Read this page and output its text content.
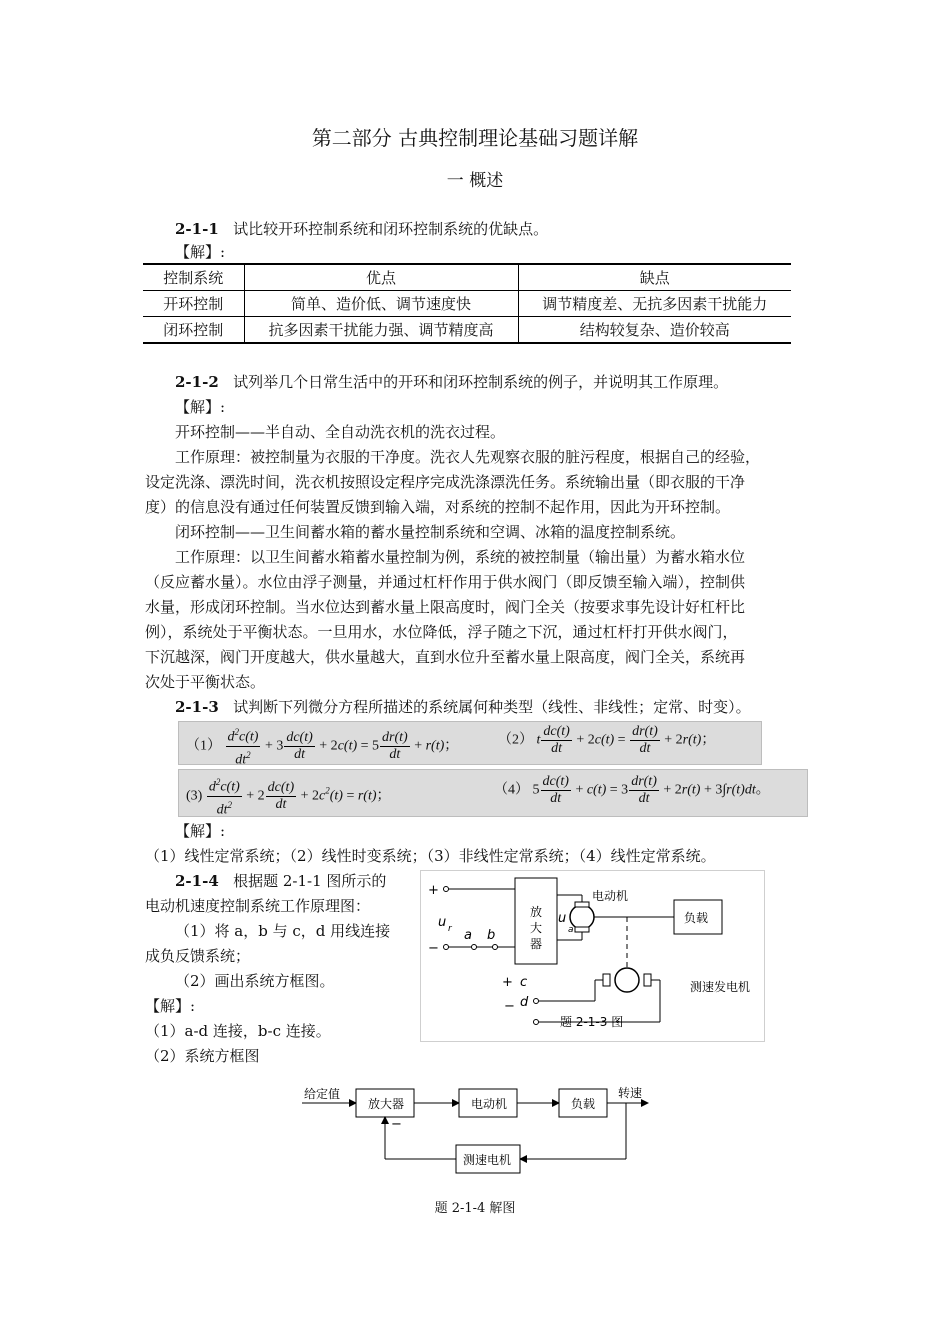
第二部分 古典控制理论基础习题详解
一 概述
2-1-1 试比较开环控制系统和闭环控制系统的优缺点。
【解】:
控制系统	优点	缺点
开环控制	简单、造价低、调节速度快	调节精度差、无抗多因素干扰能力
闭环控制	抗多因素干扰能力强、调节精度高	结构较复杂、造价较高
2-1-2 试列举几个日常生活中的开环和闭环控制系统的例子，并说明其工作原理。
【解】:
开环控制——半自动、全自动洗衣机的洗衣过程。
工作原理：被控制量为衣服的干净度。洗衣人先观察衣服的脏污程度，根据自己的经验，
设定洗涤、漂洗时间，洗衣机按照设定程序完成洗涤漂洗任务。系统输出量（即衣服的干净
度）的信息没有通过任何装置反馈到输入端，对系统的控制不起作用，因此为开环控制。
闭环控制——卫生间蓄水箱的蓄水量控制系统和空调、冰箱的温度控制系统。
工作原理：以卫生间蓄水箱蓄水量控制为例，系统的被控制量（输出量）为蓄水箱水位
（反应蓄水量）。水位由浮子测量，并通过杠杆作用于供水阀门（即反馈至输入端），控制供
水量，形成闭环控制。当水位达到蓄水量上限高度时，阀门全关（按要求事先设计好杠杆比
例），系统处于平衡状态。一旦用水，水位降低，浮子随之下沉，通过杠杆打开供水阀门，
下沉越深，阀门开度越大，供水量越大，直到水位升至蓄水量上限高度，阀门全关，系统再
次处于平衡状态。
2-1-3 试判断下列微分方程所描述的系统属何种类型（线性、非线性；定常、时变）。
$(1) \frac{d^2c(t)}{dt^2} + 3 \frac{dc(t)}{dt} + 2c(t) = 5 \frac{dr(t)}{dt} + r(t)$；	（2） t $\frac{dc(t)}{dt} + 2c(t) = \frac{dr(t)}{dt} + 2r(t)$；
$(3) \frac{d^2c(t)}{dt^2} + 2 \frac{dc(t)}{dt} + 2c^2(t) = r(t)$；	（4） $5 \frac{dc(t)}{dt} + c(t) = 3 \frac{dr(t)}{dt} + 2r(t) + 3\int r(t)dt$。
【解】:
（1）线性定常系统；（2）线性时变系统；（3）非线性定常系统；（4）线性定常系统。
2-1-4 根据题 2-1-1 图所示的
电动机速度控制系统工作原理图：
（1）将 a，b 与 c，d 用线连接
成负反馈系统；
（2）画出系统方框图。
【解】:
（1）a-d 连接，b-c 连接。
（2）系统方框图
+
−
u r a b
放
大
器
u
a
电动机
负载
+ c
− d
测速发电机
题 2-1-3 图
给定值
放大器	电动机	负载
转速
测速电机
−
题 2-1-4 解图
